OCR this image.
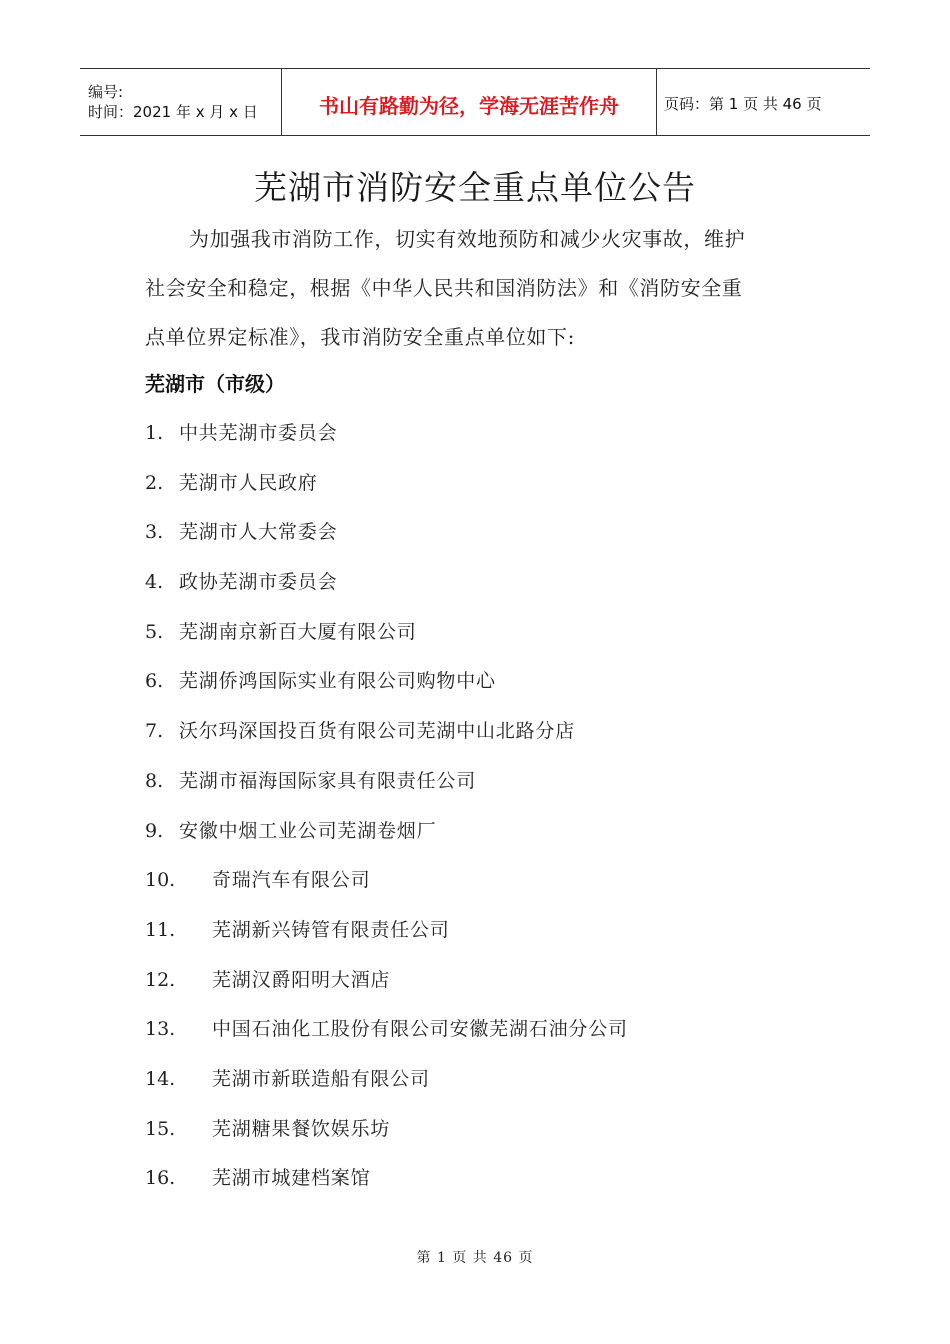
编号:
时间：2021 年 x 月 x 日	书山有路勤为径，学海无涯苦作舟	页码：第 1 页 共 46 页
芜湖市消防安全重点单位公告
为加强我市消防工作，切实有效地预防和减少火灾事故，维护
社会安全和稳定，根据《中华人民共和国消防法》和《消防安全重
点单位界定标准》，我市消防安全重点单位如下:
芜湖市（市级）
1. 中共芜湖市委员会
2. 芜湖市人民政府
3. 芜湖市人大常委会
4. 政协芜湖市委员会
5. 芜湖南京新百大厦有限公司
6. 芜湖侨鸿国际实业有限公司购物中心
7. 沃尔玛深国投百货有限公司芜湖中山北路分店
8. 芜湖市福海国际家具有限责任公司
9. 安徽中烟工业公司芜湖卷烟厂
10.	奇瑞汽车有限公司
11.	芜湖新兴铸管有限责任公司
12.	芜湖汉爵阳明大酒店
13.	中国石油化工股份有限公司安徽芜湖石油分公司
14.	芜湖市新联造船有限公司
15.	芜湖糖果餐饮娱乐坊
16.	芜湖市城建档案馆
第 1 页 共 46 页
